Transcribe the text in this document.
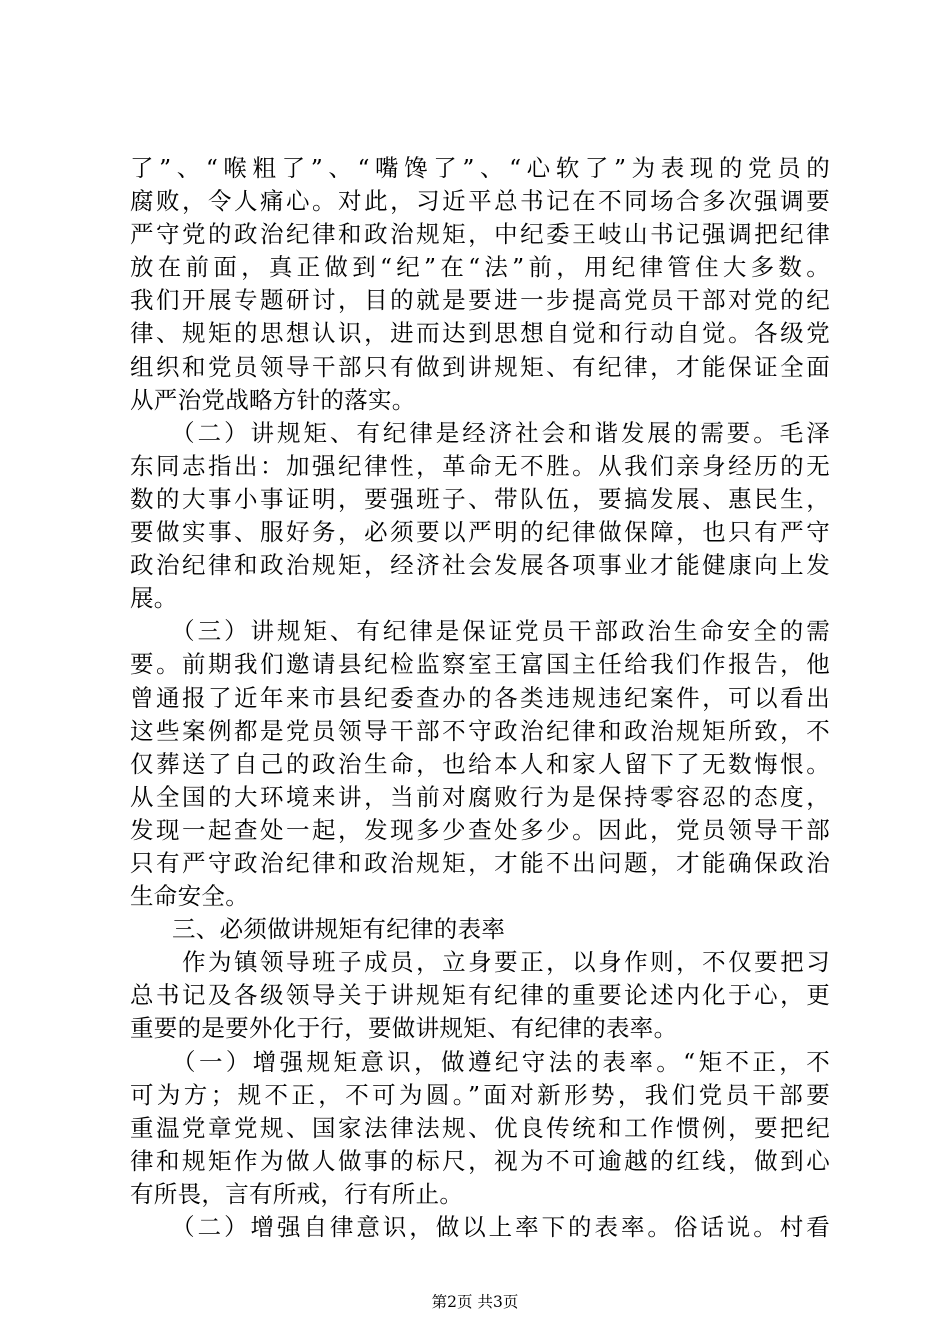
了”、“喉粗了”、“嘴馋了”、“心软了”为表现的党员的
腐败，令人痛心。对此，习近平总书记在不同场合多次强调要
严守党的政治纪律和政治规矩，中纪委王岐山书记强调把纪律
放在前面，真正做到“纪”在“法”前，用纪律管住大多数。
我们开展专题研讨，目的就是要进一步提高党员干部对党的纪
律、规矩的思想认识，进而达到思想自觉和行动自觉。各级党
组织和党员领导干部只有做到讲规矩、有纪律，才能保证全面
从严治党战略方针的落实。
　　（二）讲规矩、有纪律是经济社会和谐发展的需要。毛泽
东同志指出：加强纪律性，革命无不胜。从我们亲身经历的无
数的大事小事证明，要强班子、带队伍，要搞发展、惠民生，
要做实事、服好务，必须要以严明的纪律做保障，也只有严守
政治纪律和政治规矩，经济社会发展各项事业才能健康向上发
展。
　　（三）讲规矩、有纪律是保证党员干部政治生命安全的需
要。前期我们邀请县纪检监察室王富国主任给我们作报告，他
曾通报了近年来市县纪委查办的各类违规违纪案件，可以看出
这些案例都是党员领导干部不守政治纪律和政治规矩所致，不
仅葬送了自己的政治生命，也给本人和家人留下了无数悔恨。
从全国的大环境来讲，当前对腐败行为是保持零容忍的态度，
发现一起查处一起，发现多少查处多少。因此，党员领导干部
只有严守政治纪律和政治规矩，才能不出问题，才能确保政治
生命安全。
三、必须做讲规矩有纪律的表率
　　作为镇领导班子成员，立身要正，以身作则，不仅要把习
总书记及各级领导关于讲规矩有纪律的重要论述内化于心，更
重要的是要外化于行，要做讲规矩、有纪律的表率。
　　（一）增强规矩意识，做遵纪守法的表率。“矩不正，不
可为方；规不正，不可为圆。”面对新形势，我们党员干部要
重温党章党规、国家法律法规、优良传统和工作惯例，要把纪
律和规矩作为做人做事的标尺，视为不可逾越的红线，做到心
有所畏，言有所戒，行有所止。
　　（二）增强自律意识，做以上率下的表率。俗话说。村看
第2页 共3页
